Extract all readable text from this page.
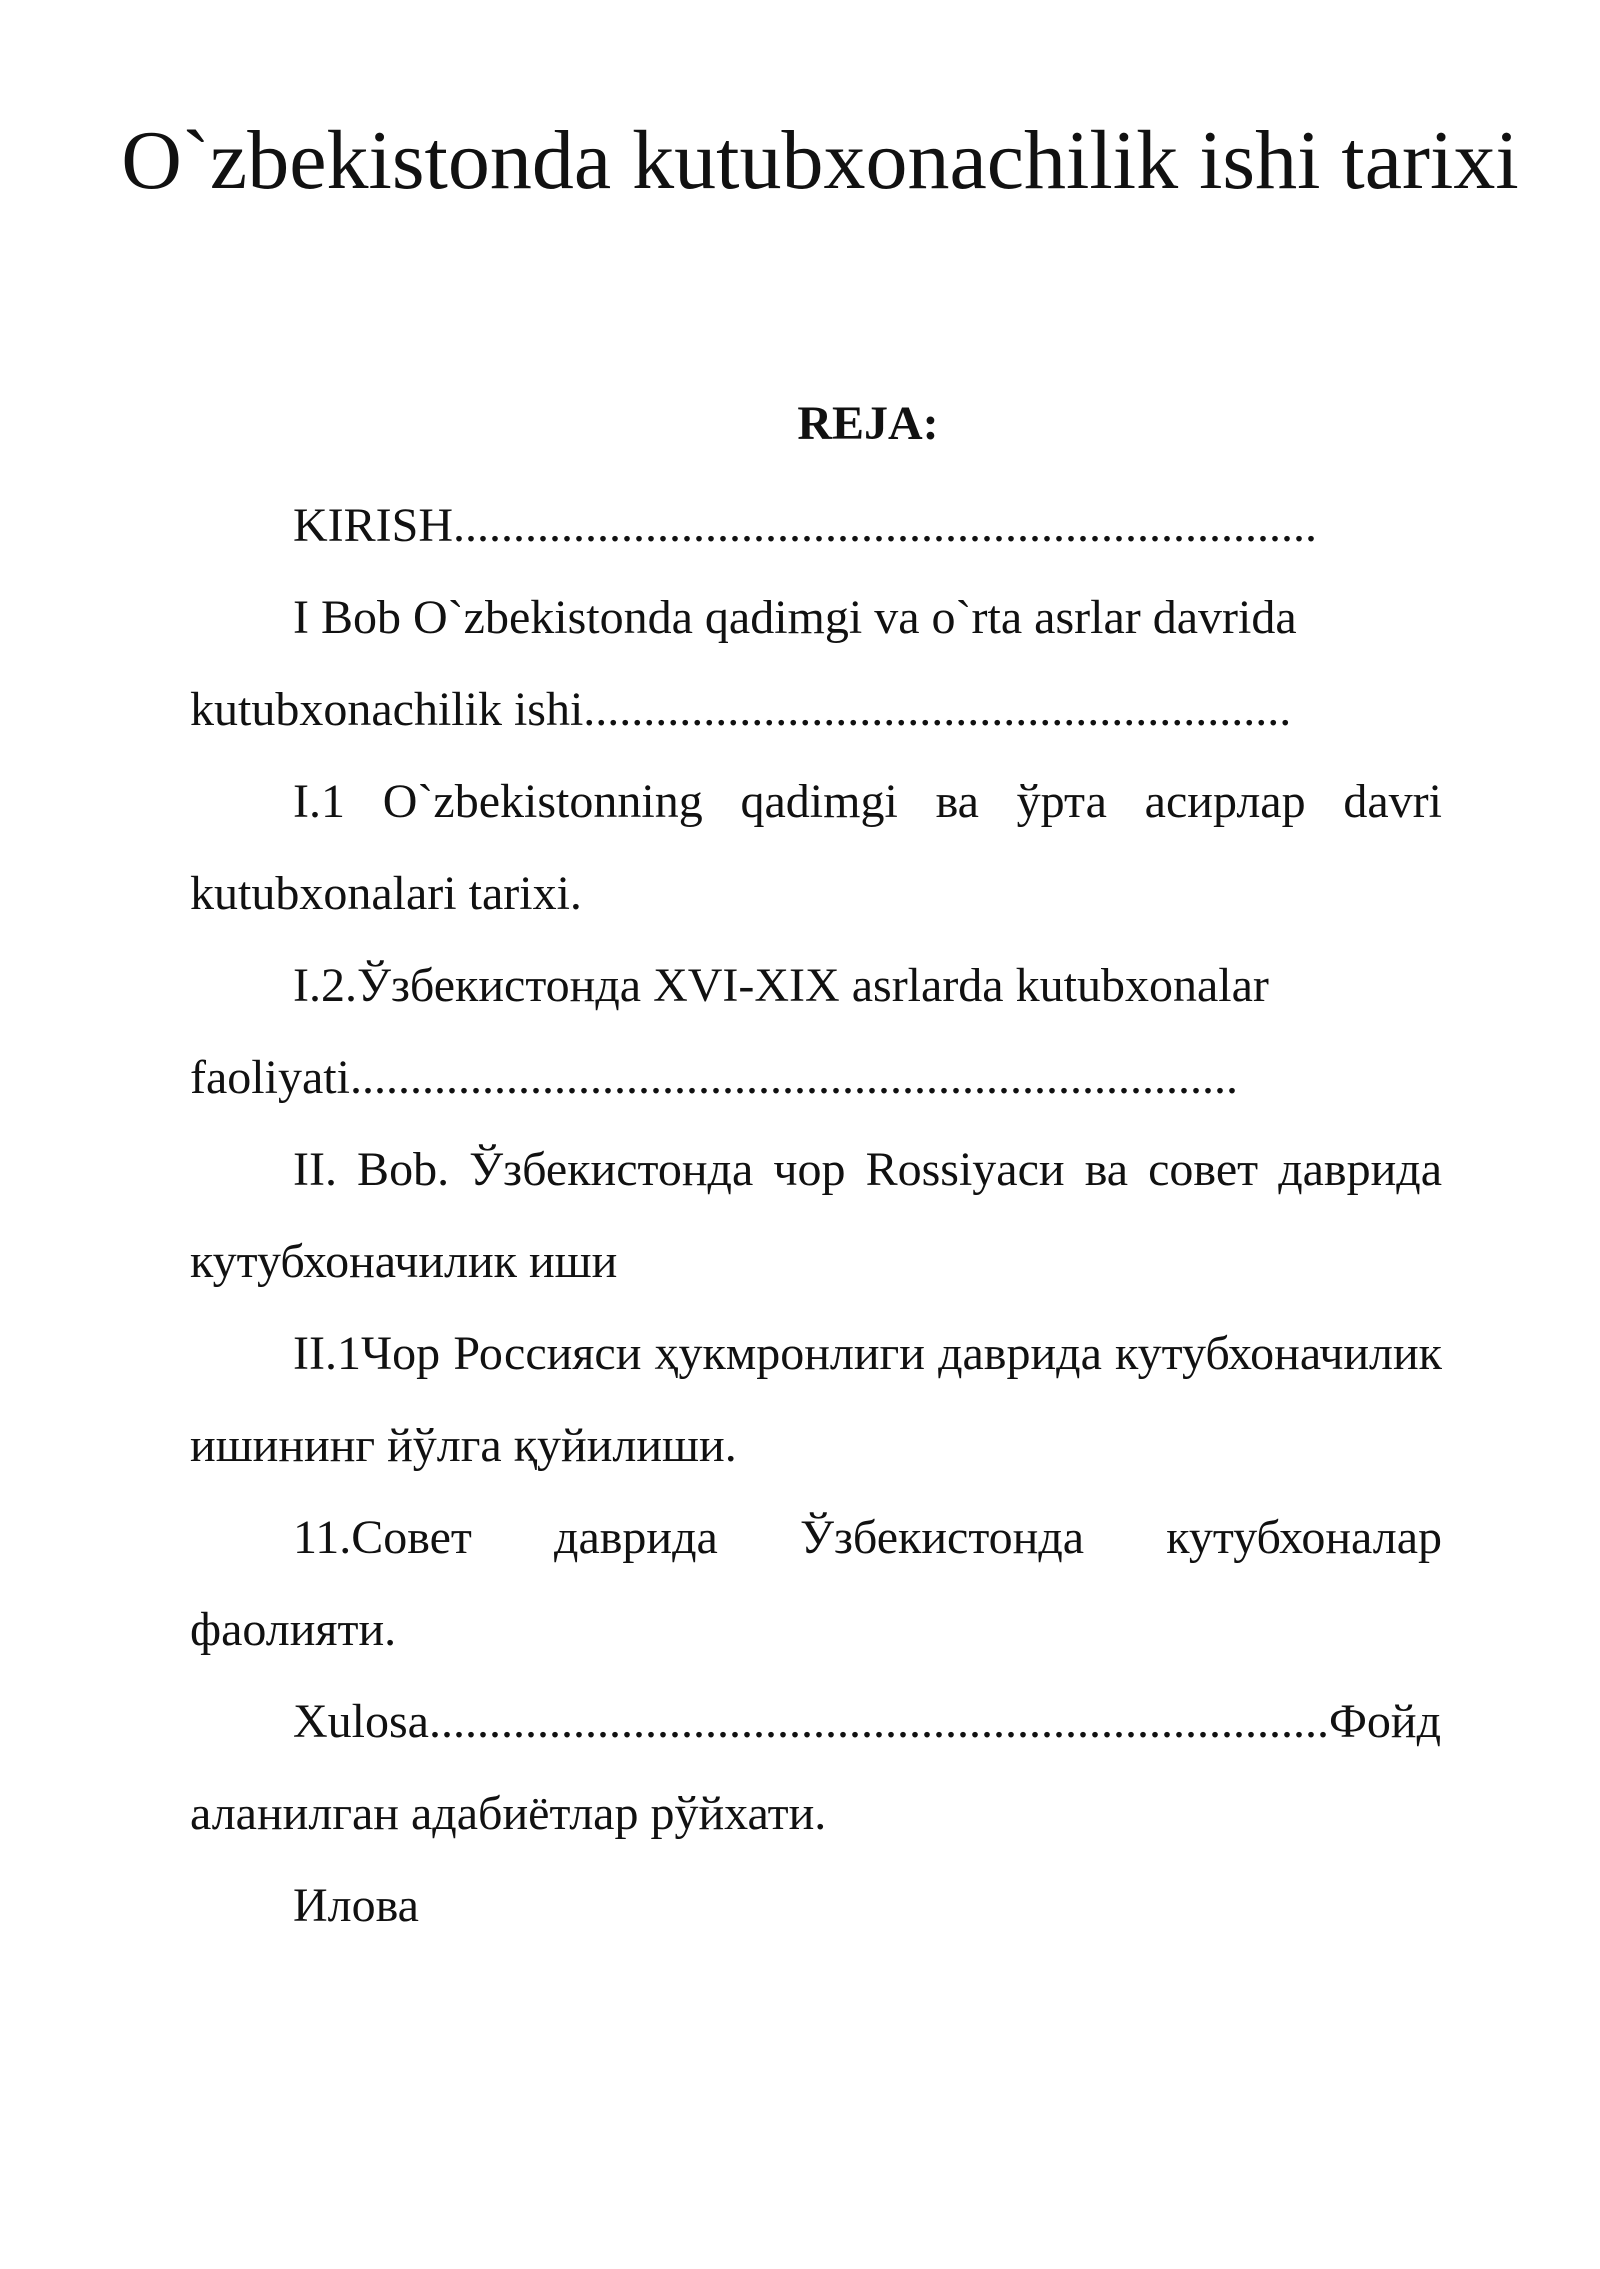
O`zbekistonda kutubxonachilik ishi tarixi
REJA:

KIRISH........................................................................

I Bob O`zbekistonda qadimgi va o`rta asrlar davrida kutubxonachilik ishi...........................................................

I.1 O`zbekistonning qadimgi ва ўрта асирлар davri kutubxonalari tarixi.

I.2.Ўзбекистонда XVI-XIX asrlarda kutubxonalar faoliyati..........................................................................

II. Bob. Ўзбекистонда чор Rossiyaси ва совет даврида кутубхоначилик иши

II.1Чор Россияси ҳукмронлиги даврида кутубхоначилик ишининг йўлга қуйилиши.

11.Совет даврида Ўзбекистонда кутубхоналар фаолияти.

Xulosa...........................................................................Фойдаланилган адабиётлар рўйхати.

Илова
